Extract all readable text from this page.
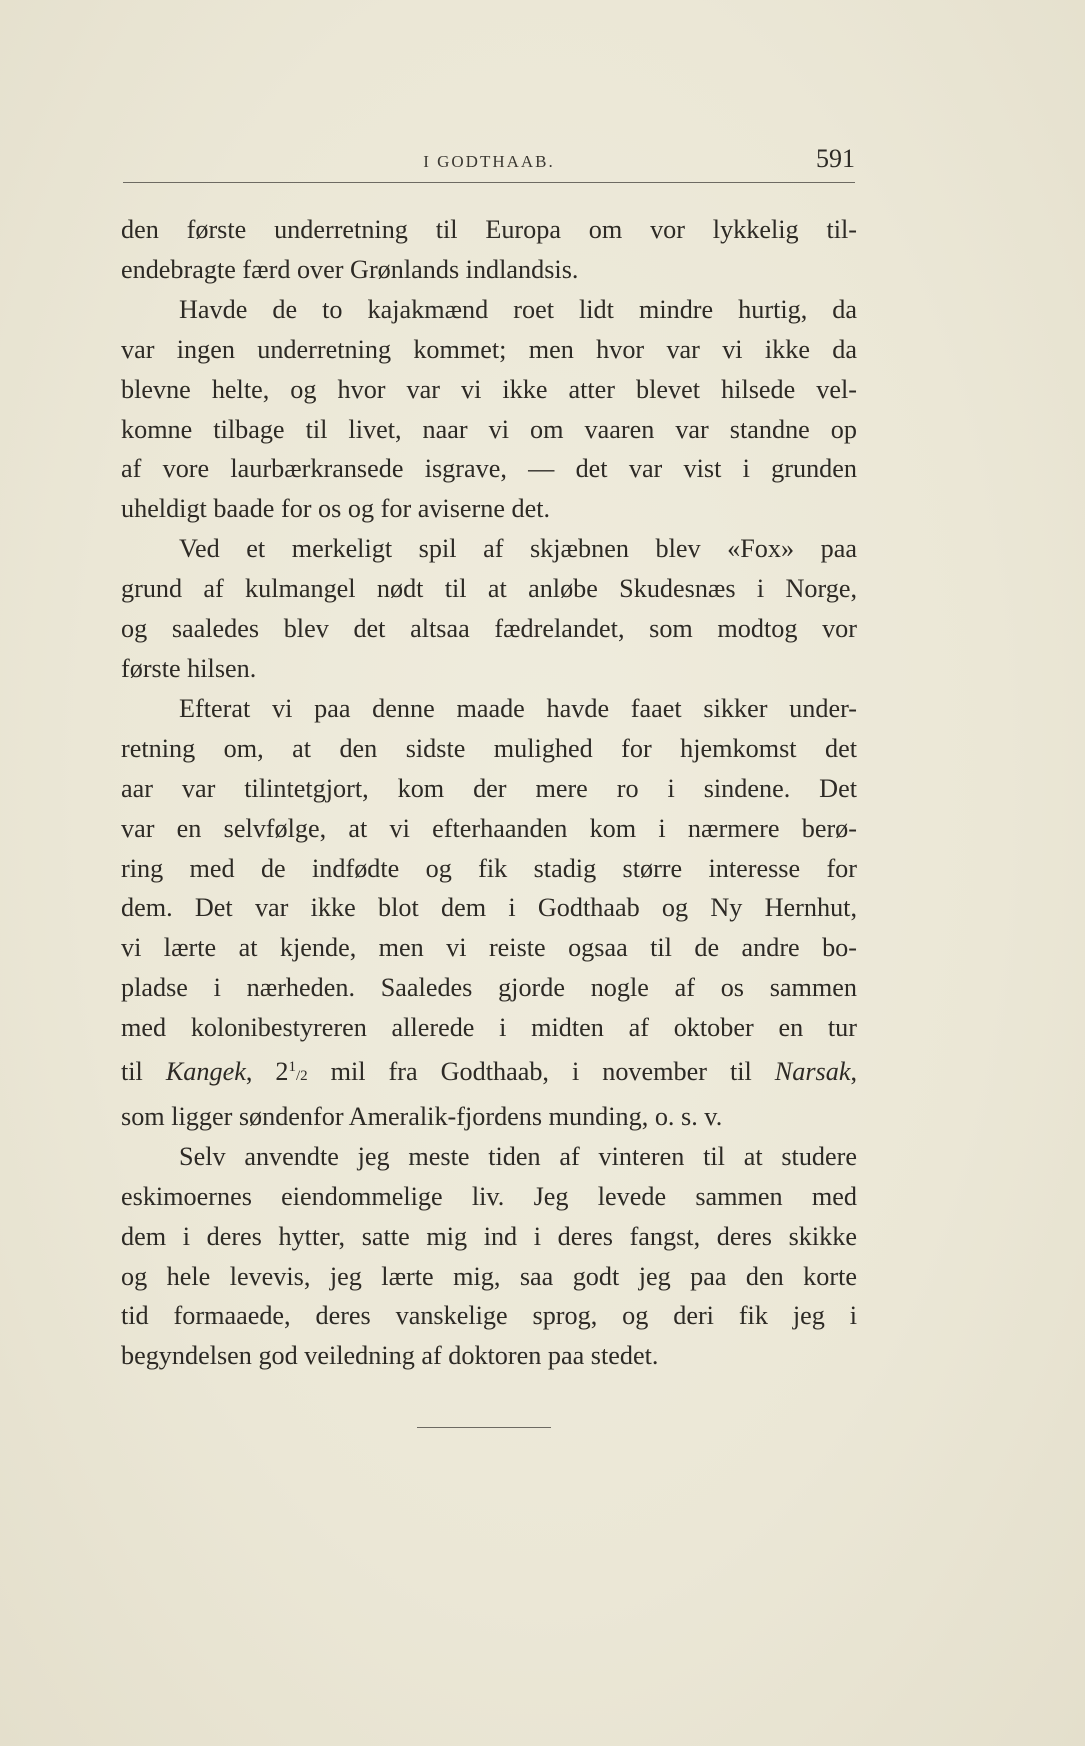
I GODTHAAB.	591
den første underretning til Europa om vor lykkelig til-
endebragte færd over Grønlands indlandsis.
Havde de to kajakmænd roet lidt mindre hurtig, da
var ingen underretning kommet; men hvor var vi ikke da
blevne helte, og hvor var vi ikke atter blevet hilsede vel-
komne tilbage til livet, naar vi om vaaren var standne op
af vore laurbærkransede isgrave, — det var vist i grunden
uheldigt baade for os og for aviserne det.
Ved et merkeligt spil af skjæbnen blev «Fox» paa
grund af kulmangel nødt til at anløbe Skudesnæs i Norge,
og saaledes blev det altsaa fædrelandet, som modtog vor
første hilsen.
Efterat vi paa denne maade havde faaet sikker under-
retning om, at den sidste mulighed for hjemkomst det
aar var tilintetgjort, kom der mere ro i sindene. Det
var en selvfølge, at vi efterhaanden kom i nærmere berø-
ring med de indfødte og fik stadig større interesse for
dem. Det var ikke blot dem i Godthaab og Ny Hernhut,
vi lærte at kjende, men vi reiste ogsaa til de andre bo-
pladse i nærheden. Saaledes gjorde nogle af os sammen
med kolonibestyreren allerede i midten af oktober en tur
til Kangek, $2^1/2$ mil fra Godthaab, i november til Narsak,
som ligger søndenfor Ameralik-fjordens munding, o. s. v.
Selv anvendte jeg meste tiden af vinteren til at studere
eskimoernes eiendommelige liv. Jeg levede sammen med
dem i deres hytter, satte mig ind i deres fangst, deres skikke
og hele levevis, jeg lærte mig, saa godt jeg paa den korte
tid formaaede, deres vanskelige sprog, og deri fik jeg i
begyndelsen god veiledning af doktoren paa stedet.
